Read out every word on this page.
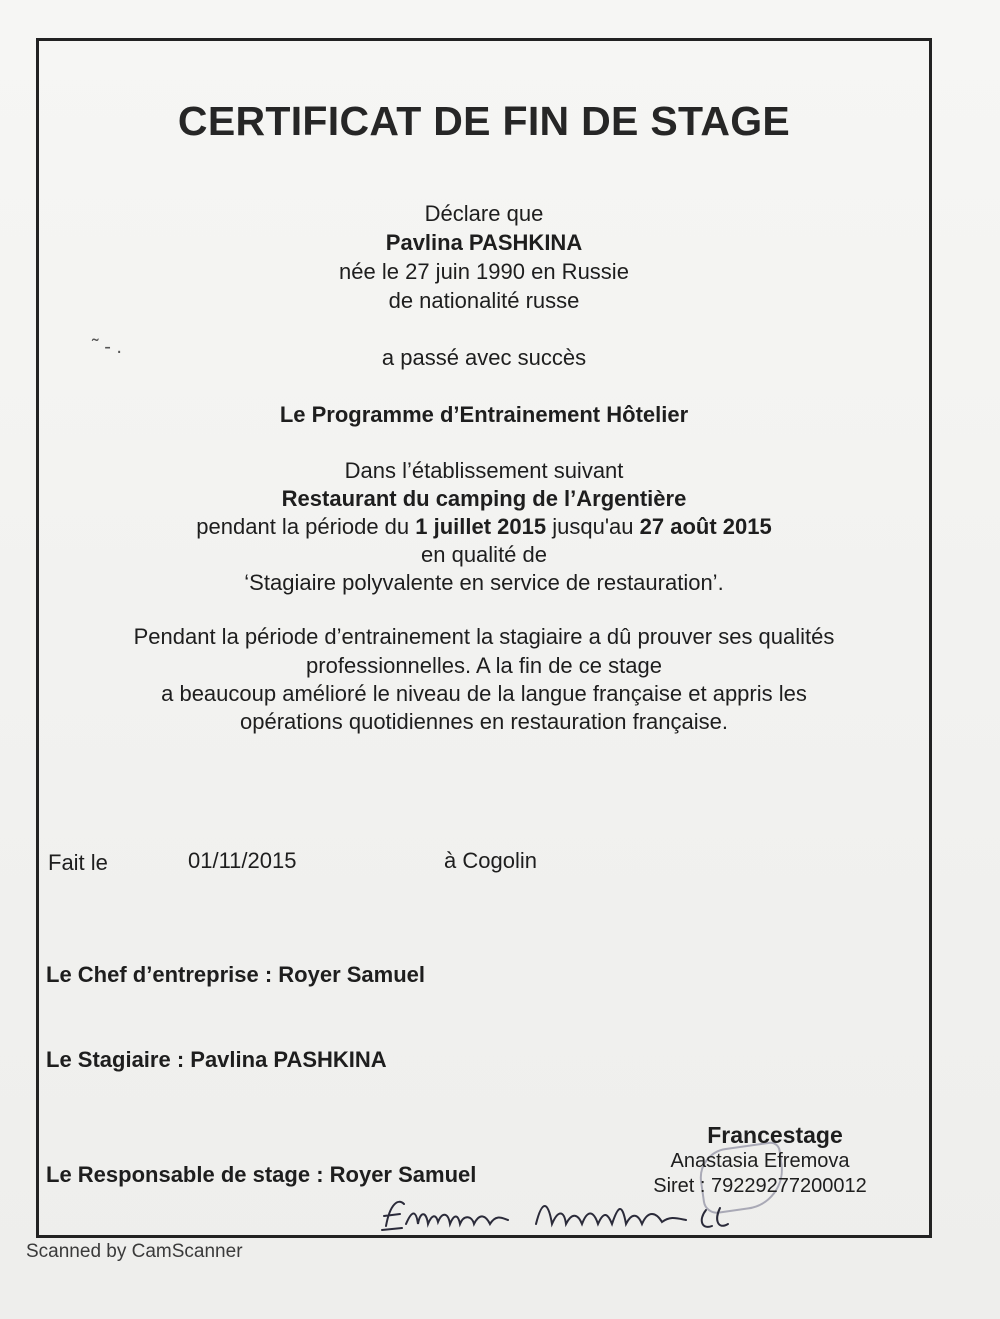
CERTIFICAT DE FIN DE STAGE
Déclare que
Pavlina PASHKINA
née le 27 juin 1990 en Russie
de nationalité russe
a passé avec succès
Le Programme d’Entrainement Hôtelier
Dans l’établissement suivant
Restaurant du camping de l’Argentière
pendant la période du 1 juillet 2015 jusqu'au 27 août 2015
en qualité de
‘Stagiaire polyvalente en service de restauration’.
Pendant la période d’entrainement la stagiaire a dû prouver ses qualités
professionnelles. A la fin de ce stage
a beaucoup amélioré le niveau de la langue française et appris les
opérations quotidiennes en restauration française.
Fait le	01/11/2015	à Cogolin
Le Chef d’entreprise : Royer Samuel
Le Stagiaire : Pavlina PASHKINA
Le Responsable de stage : Royer Samuel
Francestage
Anastasia Efremova
Siret : 79229277200012
˜ ‐ .
Scanned by CamScanner
